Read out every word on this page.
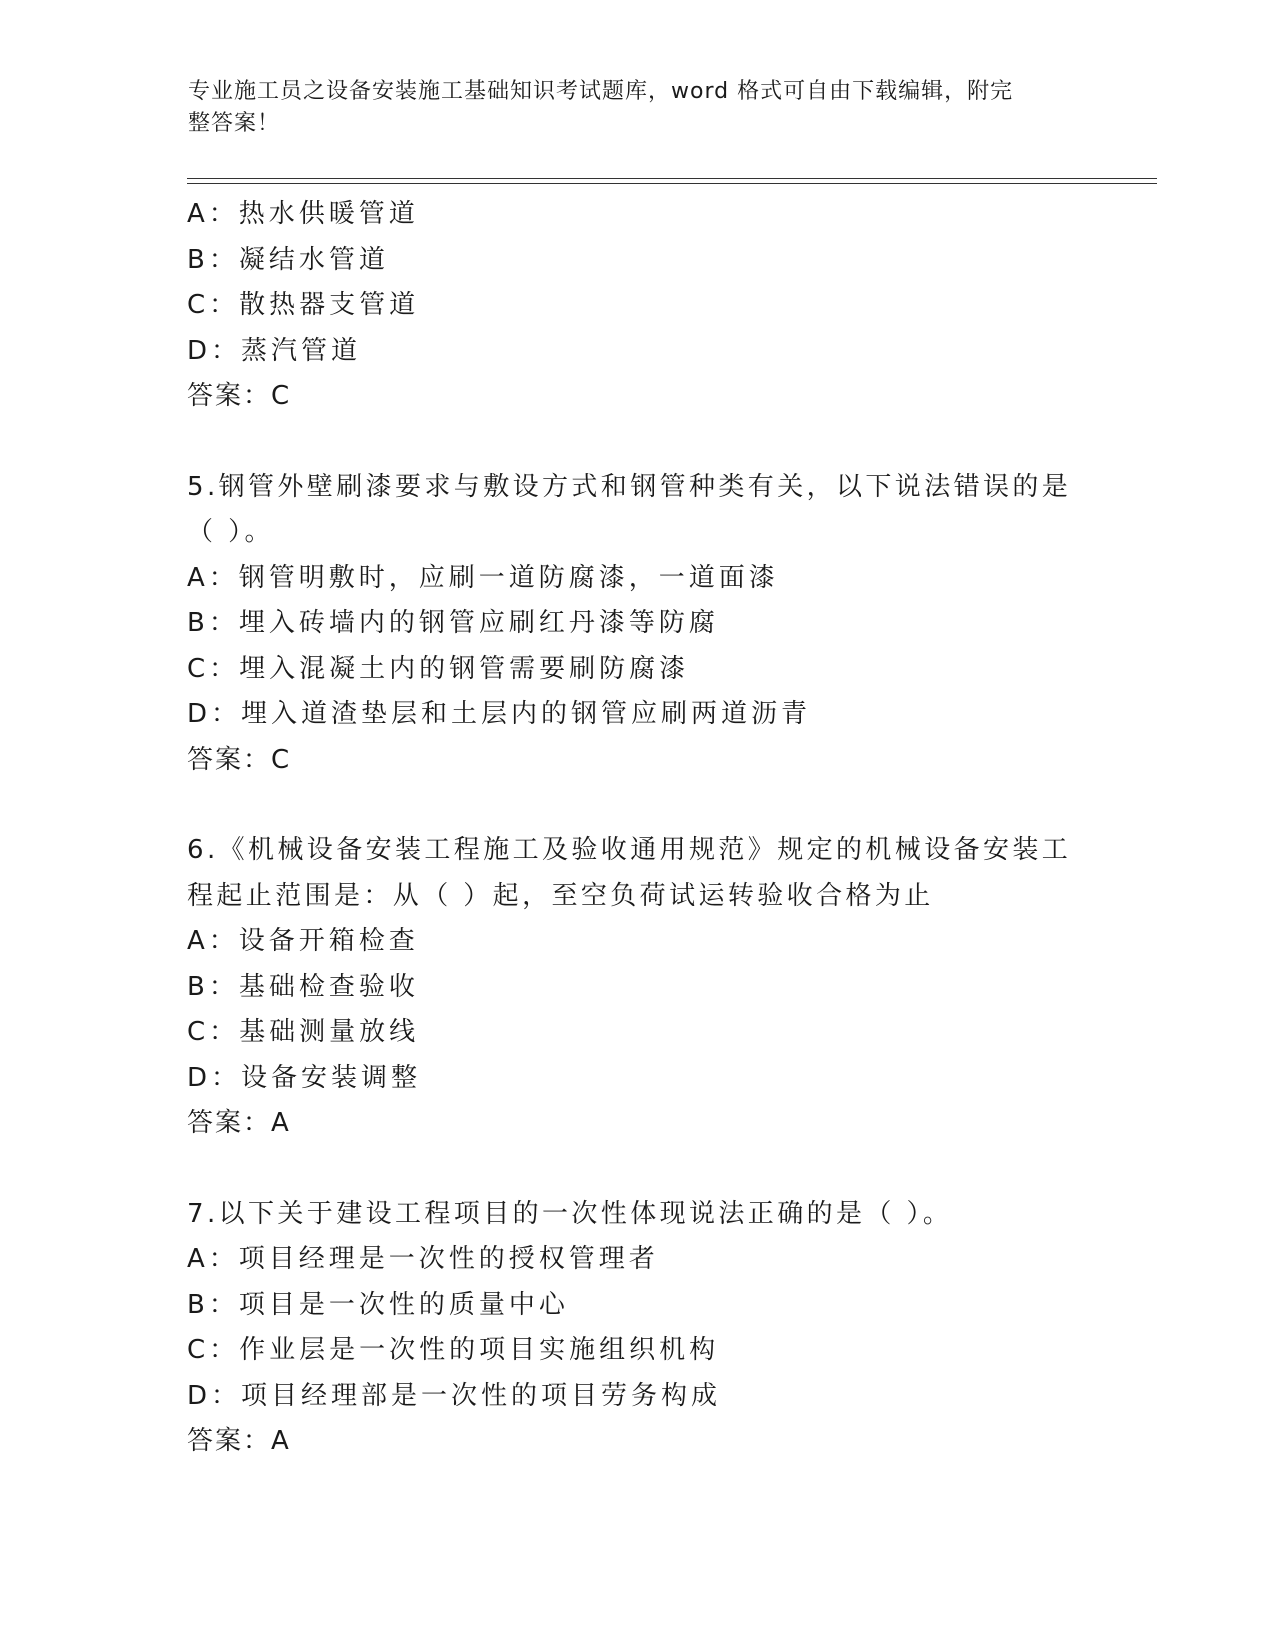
专业施工员之设备安装施工基础知识考试题库，word 格式可自由下载编辑，附完
整答案！
A：热水供暖管道
B：凝结水管道
C：散热器支管道
D：蒸汽管道
答案：C
5.钢管外壁刷漆要求与敷设方式和钢管种类有关，以下说法错误的是
（ ）。
A：钢管明敷时，应刷一道防腐漆，一道面漆
B：埋入砖墙内的钢管应刷红丹漆等防腐
C：埋入混凝土内的钢管需要刷防腐漆
D：埋入道渣垫层和土层内的钢管应刷两道沥青
答案：C
6.《机械设备安装工程施工及验收通用规范》规定的机械设备安装工
程起止范围是：从（ ）起，至空负荷试运转验收合格为止
A：设备开箱检查
B：基础检查验收
C：基础测量放线
D：设备安装调整
答案：A
7.以下关于建设工程项目的一次性体现说法正确的是（ ）。
A：项目经理是一次性的授权管理者
B：项目是一次性的质量中心
C：作业层是一次性的项目实施组织机构
D：项目经理部是一次性的项目劳务构成
答案：A
